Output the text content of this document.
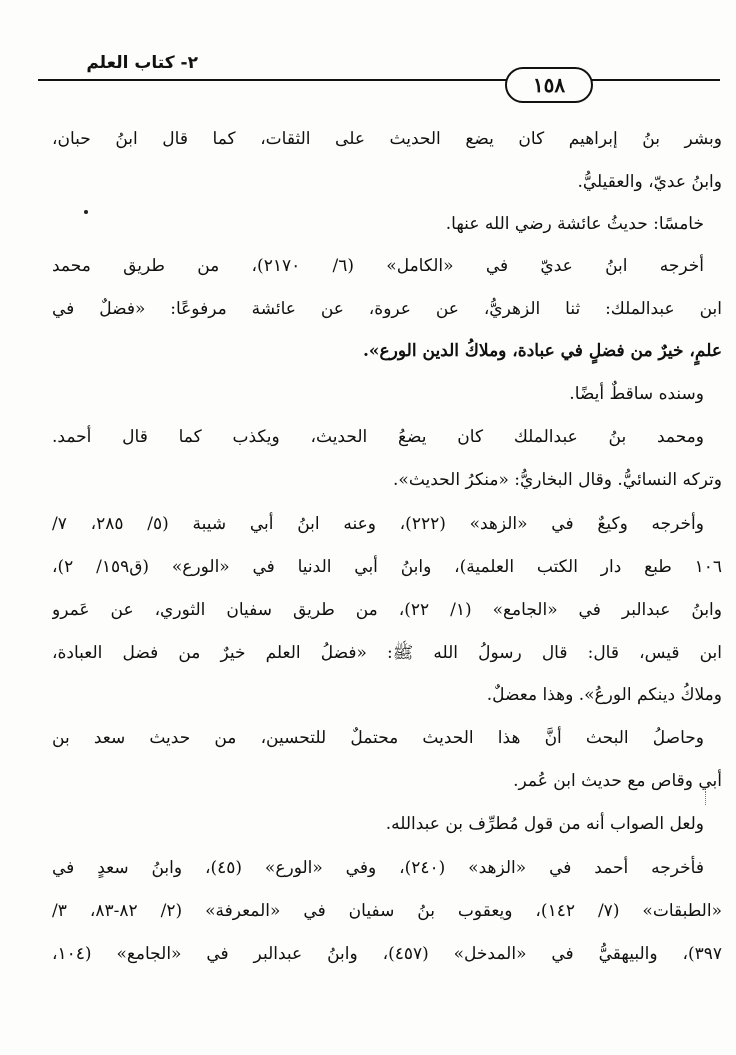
٢- كتاب العلم
١٥٨
وبشر بنُ إبراهيم كان يضع الحديث على الثقات، كما قال ابنُ حبان،
وابنُ عديّ، والعقيليُّ.
خامسًا: حديثُ عائشة رضي الله عنها.
أخرجه ابنُ عديّ في «الكامل» (٦/ ٢١٧٠)، من طريق محمد
ابن عبدالملك: ثنا الزهريُّ، عن عروة، عن عائشة مرفوعًا: «فضلٌ في
علمٍ، خيرٌ من فضلٍ في عبادة، وملاكُ الدين الورع».
وسنده ساقطٌ أيضًا.
ومحمد بنُ عبدالملك كان يضعُ الحديث، ويكذب كما قال أحمد.
وتركه النسائيُّ. وقال البخاريُّ: «منكرُ الحديث».
وأخرجه وكيعٌ في «الزهد» (٢٢٢)، وعنه ابنُ أبي شيبة (٥/ ٢٨٥، ٧/
١٠٦ طبع دار الكتب العلمية)، وابنُ أبي الدنيا في «الورع» (ق١٥٩/ ٢)،
وابنُ عبدالبر في «الجامع» (١/ ٢٢)، من طريق سفيان الثوري، عن عَمرو
ابن قيس، قال: قال رسولُ الله ﷺ: «فضلُ العلم خيرٌ من فضل العبادة،
وملاكُ دينكم الورعُ». وهذا معضلٌ.
وحاصلُ البحث أنَّ هذا الحديث محتملٌ للتحسين، من حديث سعد بن
أبي وقاص مع حديث ابن عُمر.
ولعل الصواب أنه من قول مُطرِّف بن عبدالله.
فأخرجه أحمد في «الزهد» (٢٤٠)، وفي «الورع» (٤٥)، وابنُ سعدٍ في
«الطبقات» (٧/ ١٤٢)، ويعقوب بنُ سفيان في «المعرفة» (٢/ ٨٢-٨٣، ٣/
٣٩٧)، والبيهقيُّ في «المدخل» (٤٥٧)، وابنُ عبدالبر في «الجامع» (١٠٤،
